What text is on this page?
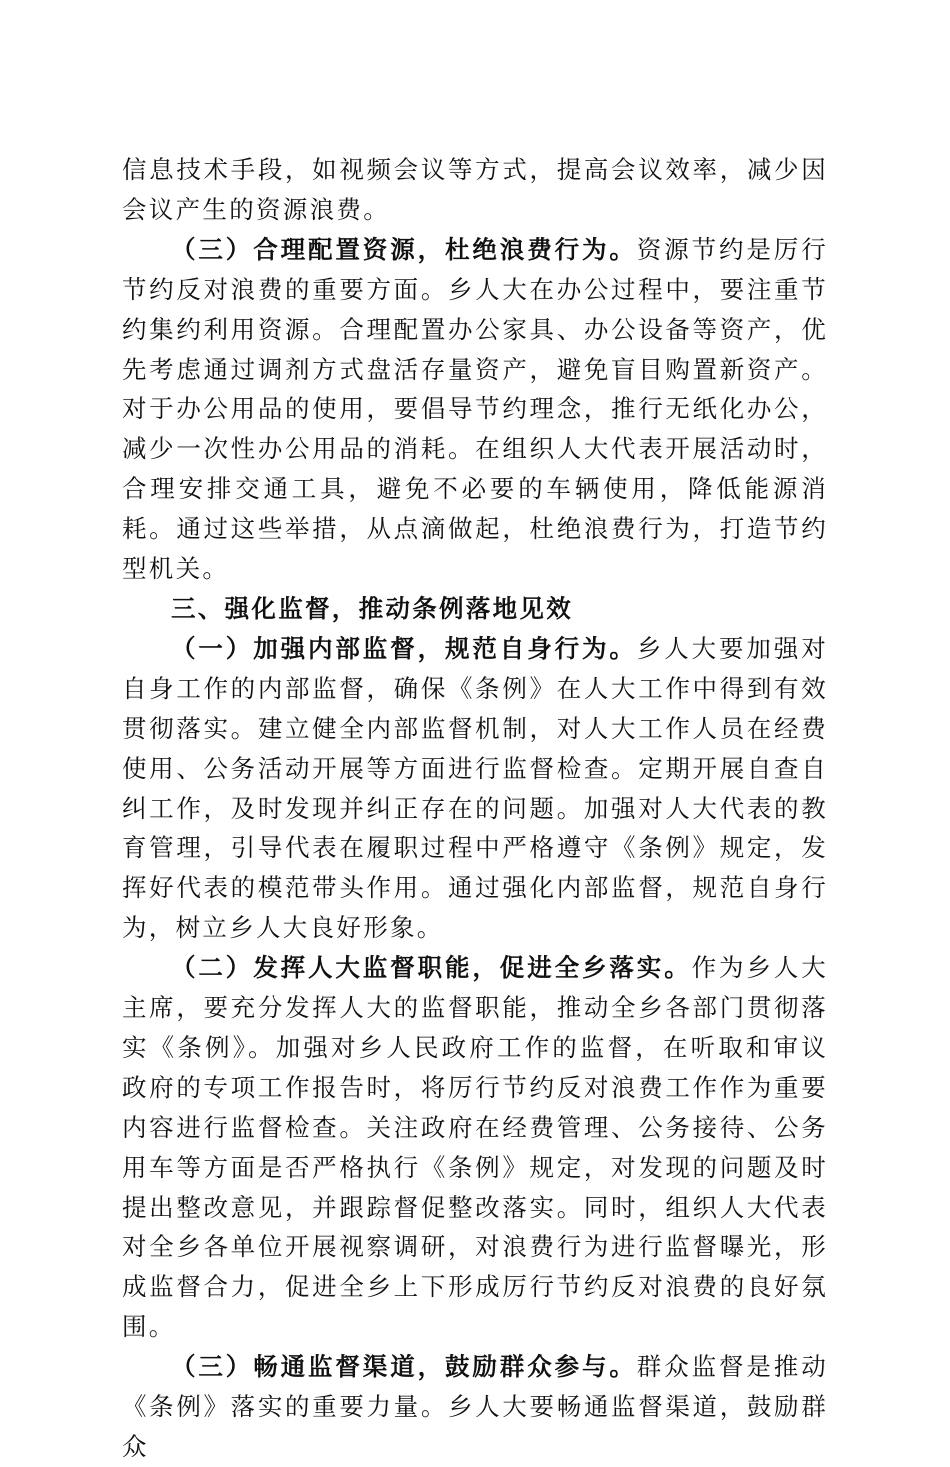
信息技术手段，如视频会议等方式，提高会议效率，减少因会议产生的资源浪费。

（三）合理配置资源，杜绝浪费行为。资源节约是厉行节约反对浪费的重要方面。乡人大在办公过程中，要注重节约集约利用资源。合理配置办公家具、办公设备等资产，优先考虑通过调剂方式盘活存量资产，避免盲目购置新资产。对于办公用品的使用，要倡导节约理念，推行无纸化办公，减少一次性办公用品的消耗。在组织人大代表开展活动时，合理安排交通工具，避免不必要的车辆使用，降低能源消耗。通过这些举措，从点滴做起，杜绝浪费行为，打造节约型机关。

三、强化监督，推动条例落地见效

（一）加强内部监督，规范自身行为。乡人大要加强对自身工作的内部监督，确保《条例》在人大工作中得到有效贯彻落实。建立健全内部监督机制，对人大工作人员在经费使用、公务活动开展等方面进行监督检查。定期开展自查自纠工作，及时发现并纠正存在的问题。加强对人大代表的教育管理，引导代表在履职过程中严格遵守《条例》规定，发挥好代表的模范带头作用。通过强化内部监督，规范自身行为，树立乡人大良好形象。

（二）发挥人大监督职能，促进全乡落实。作为乡人大主席，要充分发挥人大的监督职能，推动全乡各部门贯彻落实《条例》。加强对乡人民政府工作的监督，在听取和审议政府的专项工作报告时，将厉行节约反对浪费工作作为重要内容进行监督检查。关注政府在经费管理、公务接待、公务用车等方面是否严格执行《条例》规定，对发现的问题及时提出整改意见，并跟踪督促整改落实。同时，组织人大代表对全乡各单位开展视察调研，对浪费行为进行监督曝光，形成监督合力，促进全乡上下形成厉行节约反对浪费的良好氛围。

（三）畅通监督渠道，鼓励群众参与。群众监督是推动《条例》落实的重要力量。乡人大要畅通监督渠道，鼓励群众
